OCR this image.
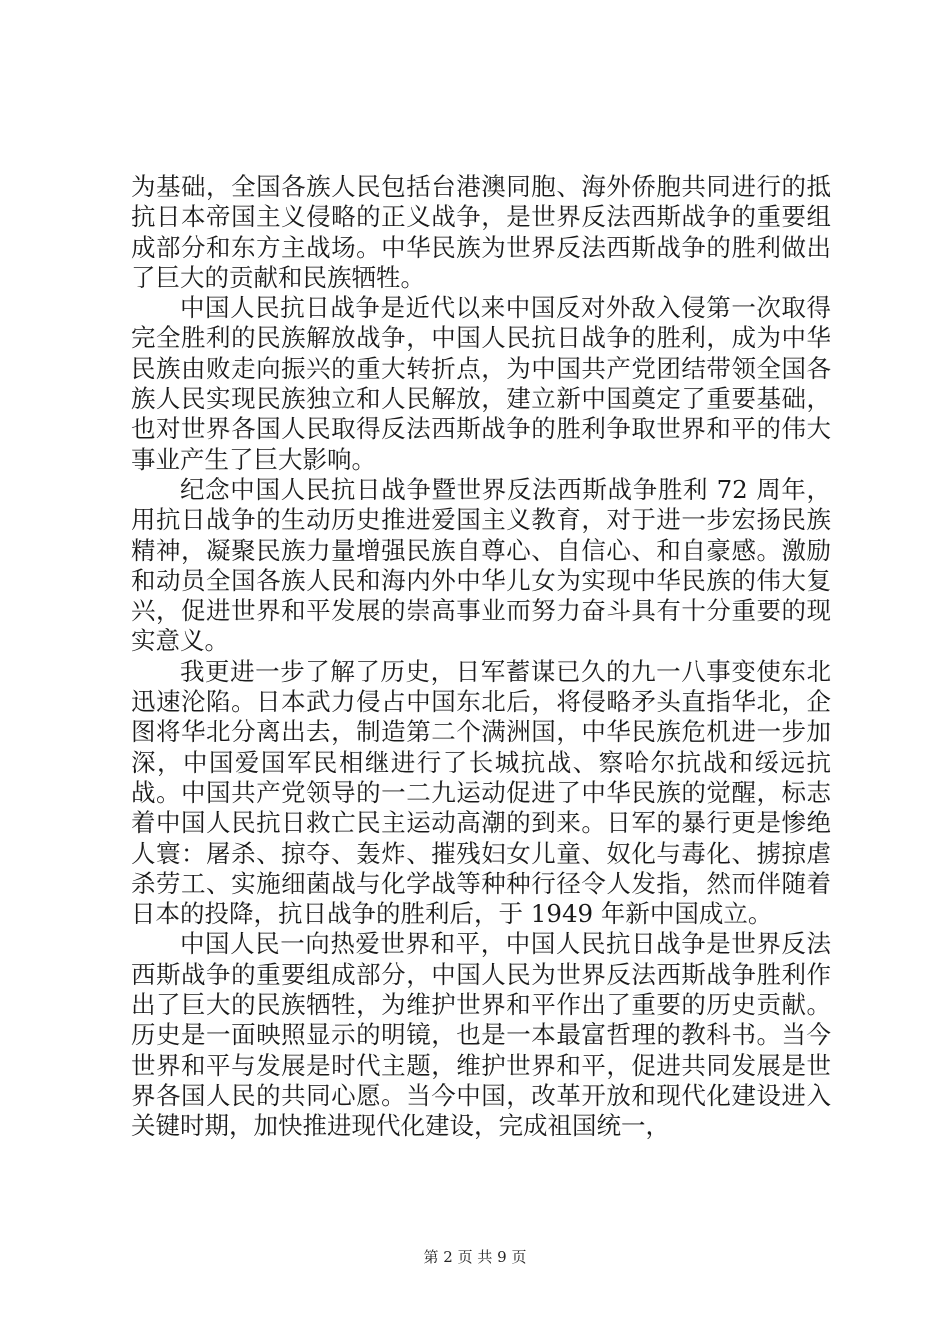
为基础，全国各族人民包括台港澳同胞、海外侨胞共同进行的抵抗日本帝国主义侵略的正义战争，是世界反法西斯战争的重要组成部分和东方主战场。中华民族为世界反法西斯战争的胜利做出了巨大的贡献和民族牺牲。

中国人民抗日战争是近代以来中国反对外敌入侵第一次取得完全胜利的民族解放战争，中国人民抗日战争的胜利，成为中华民族由败走向振兴的重大转折点，为中国共产党团结带领全国各族人民实现民族独立和人民解放，建立新中国奠定了重要基础，也对世界各国人民取得反法西斯战争的胜利争取世界和平的伟大事业产生了巨大影响。

纪念中国人民抗日战争暨世界反法西斯战争胜利 72 周年，用抗日战争的生动历史推进爱国主义教育，对于进一步宏扬民族精神，凝聚民族力量增强民族自尊心、自信心、和自豪感。激励和动员全国各族人民和海内外中华儿女为实现中华民族的伟大复兴，促进世界和平发展的崇高事业而努力奋斗具有十分重要的现实意义。

我更进一步了解了历史，日军蓄谋已久的九一八事变使东北迅速沦陷。日本武力侵占中国东北后，将侵略矛头直指华北，企图将华北分离出去，制造第二个满洲国，中华民族危机进一步加深，中国爱国军民相继进行了长城抗战、察哈尔抗战和绥远抗战。中国共产党领导的一二九运动促进了中华民族的觉醒，标志着中国人民抗日救亡民主运动高潮的到来。日军的暴行更是惨绝人寰：屠杀、掠夺、轰炸、摧残妇女儿童、奴化与毒化、掳掠虐杀劳工、实施细菌战与化学战等种种行径令人发指，然而伴随着日本的投降，抗日战争的胜利后，于 1949 年新中国成立。

中国人民一向热爱世界和平，中国人民抗日战争是世界反法西斯战争的重要组成部分，中国人民为世界反法西斯战争胜利作出了巨大的民族牺牲，为维护世界和平作出了重要的历史贡献。历史是一面映照显示的明镜，也是一本最富哲理的教科书。当今世界和平与发展是时代主题，维护世界和平，促进共同发展是世界各国人民的共同心愿。当今中国，改革开放和现代化建设进入关键时期，加快推进现代化建设，完成祖国统一，

第 2 页 共 9 页
